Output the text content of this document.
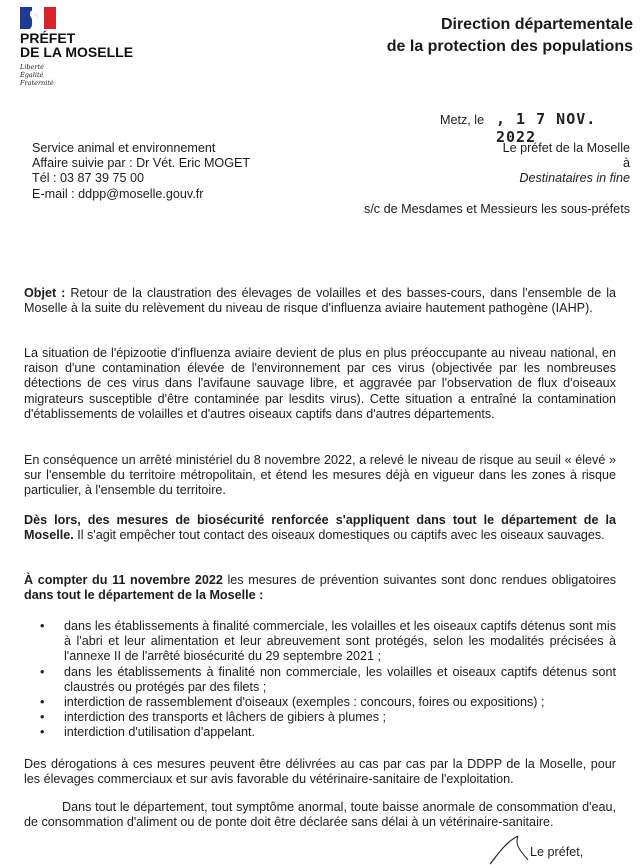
PRÉFET
DE LA MOSELLE
Liberté
Égalité
Fraternité
Direction départementale
de la protection des populations
Metz, le , 1 7 NOV. 2022
Service animal et environnement
Affaire suivie par : Dr Vét. Eric MOGET
Tél : 03 87 39 75 00
E-mail : ddpp@moselle.gouv.fr
Le préfet de la Moselle
à
Destinataires in fine
s/c de Mesdames et Messieurs les sous-préfets
Objet : Retour de la claustration des élevages de volailles et des basses-cours, dans l'ensemble de la Moselle à la suite du relèvement du niveau de risque d'influenza aviaire hautement pathogène (IAHP).
La situation de l'épizootie d'influenza aviaire devient de plus en plus préoccupante au niveau national, en raison d'une contamination élevée de l'environnement par ces virus (objectivée par les nombreuses détections de ces virus dans l'avifaune sauvage libre, et aggravée par l'observation de flux d'oiseaux migrateurs susceptible d'être contaminée par lesdits virus). Cette situation a entraîné la contamination d'établissements de volailles et d'autres oiseaux captifs dans d'autres départements.
En conséquence un arrêté ministériel du 8 novembre 2022, a relevé le niveau de risque au seuil « élevé » sur l'ensemble du territoire métropolitain, et étend les mesures déjà en vigueur dans les zones à risque particulier, à l'ensemble du territoire.
Dès lors, des mesures de biosécurité renforcée s'appliquent dans tout le département de la Moselle. Il s'agit empêcher tout contact des oiseaux domestiques ou captifs avec les oiseaux sauvages.
À compter du 11 novembre 2022 les mesures de prévention suivantes sont donc rendues obligatoires dans tout le département de la Moselle :
• dans les établissements à finalité commerciale, les volailles et les oiseaux captifs détenus sont mis à l'abri et leur alimentation et leur abreuvement sont protégés, selon les modalités précisées à l'annexe II de l'arrêté biosécurité du 29 septembre 2021 ;
• dans les établissements à finalité non commerciale, les volailles et oiseaux captifs détenus sont claustrés ou protégés par des filets ;
• interdiction de rassemblement d'oiseaux (exemples : concours, foires ou expositions) ;
• interdiction des transports et lâchers de gibiers à plumes ;
• interdiction d'utilisation d'appelant.
Des dérogations à ces mesures peuvent être délivrées au cas par cas par la DDPP de la Moselle, pour les élevages commerciaux et sur avis favorable du vétérinaire-sanitaire de l'exploitation.
Dans tout le département, tout symptôme anormal, toute baisse anormale de consommation d'eau, de consommation d'aliment ou de ponte doit être déclarée sans délai à un vétérinaire-sanitaire.
Le préfet,
